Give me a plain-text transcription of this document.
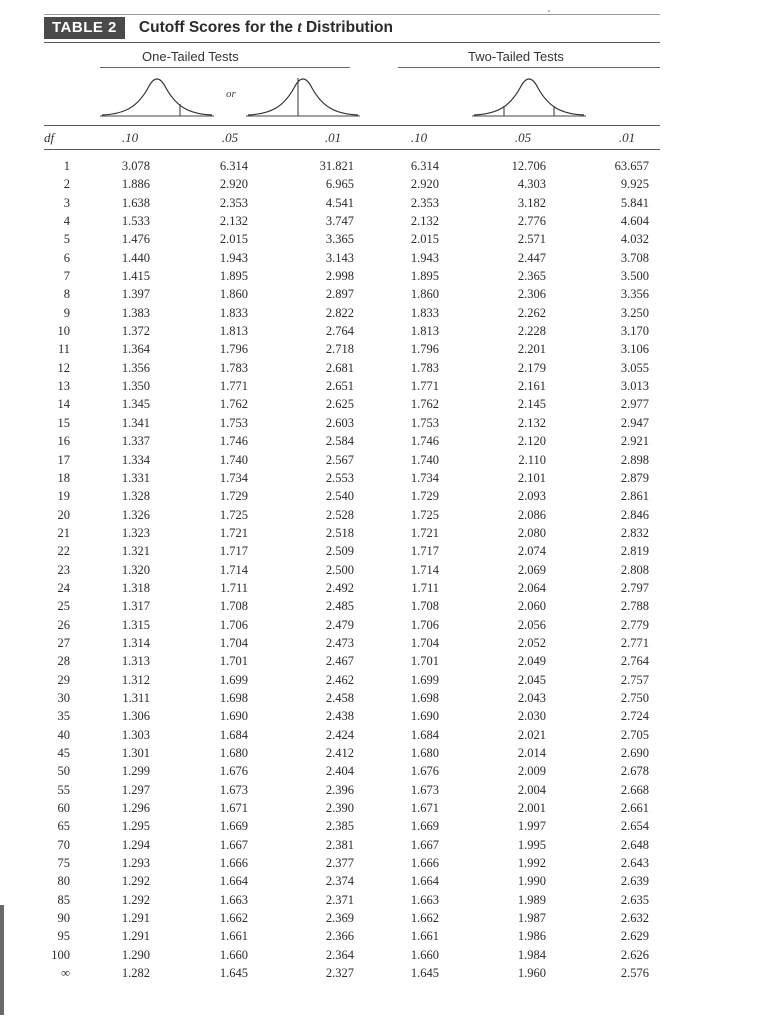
TABLE 2	Cutoff Scores for the t Distribution
One-Tailed Tests	Two-Tailed Tests
or
df	.10	.05	.01	.10	.05	.01
1	3.078	6.314	31.821	6.314	12.706	63.657
2	1.886	2.920	6.965	2.920	4.303	9.925
3	1.638	2.353	4.541	2.353	3.182	5.841
4	1.533	2.132	3.747	2.132	2.776	4.604
5	1.476	2.015	3.365	2.015	2.571	4.032
6	1.440	1.943	3.143	1.943	2.447	3.708
7	1.415	1.895	2.998	1.895	2.365	3.500
8	1.397	1.860	2.897	1.860	2.306	3.356
9	1.383	1.833	2.822	1.833	2.262	3.250
10	1.372	1.813	2.764	1.813	2.228	3.170
11	1.364	1.796	2.718	1.796	2.201	3.106
12	1.356	1.783	2.681	1.783	2.179	3.055
13	1.350	1.771	2.651	1.771	2.161	3.013
14	1.345	1.762	2.625	1.762	2.145	2.977
15	1.341	1.753	2.603	1.753	2.132	2.947
16	1.337	1.746	2.584	1.746	2.120	2.921
17	1.334	1.740	2.567	1.740	2.110	2.898
18	1.331	1.734	2.553	1.734	2.101	2.879
19	1.328	1.729	2.540	1.729	2.093	2.861
20	1.326	1.725	2.528	1.725	2.086	2.846
21	1.323	1.721	2.518	1.721	2.080	2.832
22	1.321	1.717	2.509	1.717	2.074	2.819
23	1.320	1.714	2.500	1.714	2.069	2.808
24	1.318	1.711	2.492	1.711	2.064	2.797
25	1.317	1.708	2.485	1.708	2.060	2.788
26	1.315	1.706	2.479	1.706	2.056	2.779
27	1.314	1.704	2.473	1.704	2.052	2.771
28	1.313	1.701	2.467	1.701	2.049	2.764
29	1.312	1.699	2.462	1.699	2.045	2.757
30	1.311	1.698	2.458	1.698	2.043	2.750
35	1.306	1.690	2.438	1.690	2.030	2.724
40	1.303	1.684	2.424	1.684	2.021	2.705
45	1.301	1.680	2.412	1.680	2.014	2.690
50	1.299	1.676	2.404	1.676	2.009	2.678
55	1.297	1.673	2.396	1.673	2.004	2.668
60	1.296	1.671	2.390	1.671	2.001	2.661
65	1.295	1.669	2.385	1.669	1.997	2.654
70	1.294	1.667	2.381	1.667	1.995	2.648
75	1.293	1.666	2.377	1.666	1.992	2.643
80	1.292	1.664	2.374	1.664	1.990	2.639
85	1.292	1.663	2.371	1.663	1.989	2.635
90	1.291	1.662	2.369	1.662	1.987	2.632
95	1.291	1.661	2.366	1.661	1.986	2.629
100	1.290	1.660	2.364	1.660	1.984	2.626
∞	1.282	1.645	2.327	1.645	1.960	2.576
